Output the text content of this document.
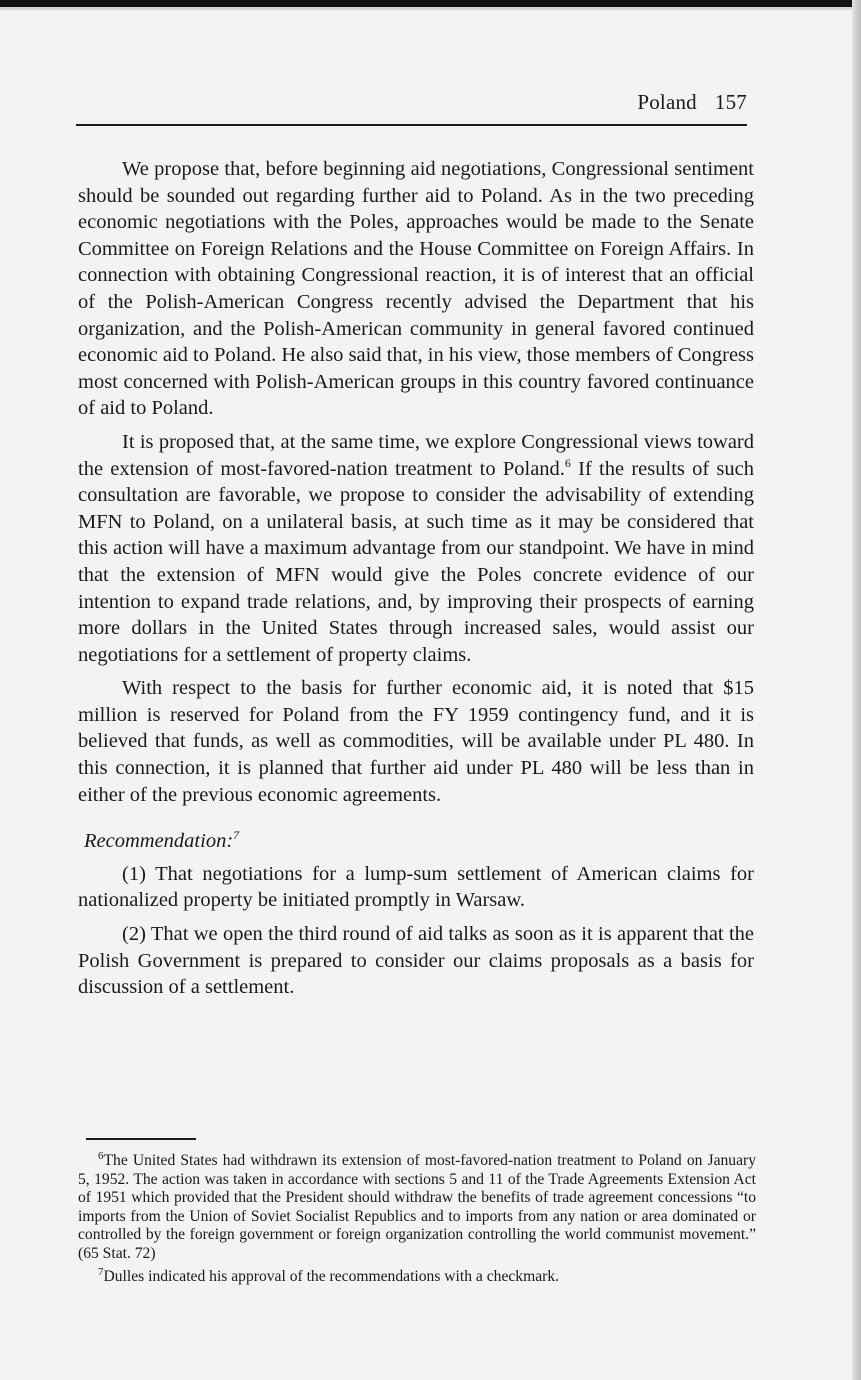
Poland 157

We propose that, before beginning aid negotiations, Congressional sentiment should be sounded out regarding further aid to Poland. As in the two preceding economic negotiations with the Poles, approaches would be made to the Senate Committee on Foreign Relations and the House Committee on Foreign Affairs. In connection with obtaining Congressional reaction, it is of interest that an official of the Polish-American Congress recently advised the Department that his organization, and the Polish-American community in general favored continued economic aid to Poland. He also said that, in his view, those members of Congress most concerned with Polish-American groups in this country favored continuance of aid to Poland.

It is proposed that, at the same time, we explore Congressional views toward the extension of most-favored-nation treatment to Poland.$^6$ If the results of such consultation are favorable, we propose to consider the advisability of extending MFN to Poland, on a unilateral basis, at such time as it may be considered that this action will have a maximum advantage from our standpoint. We have in mind that the extension of MFN would give the Poles concrete evidence of our intention to expand trade relations, and, by improving their prospects of earning more dollars in the United States through increased sales, would assist our negotiations for a settlement of property claims.

With respect to the basis for further economic aid, it is noted that $15 million is reserved for Poland from the FY 1959 contingency fund, and it is believed that funds, as well as commodities, will be available under PL 480. In this connection, it is planned that further aid under PL 480 will be less than in either of the previous economic agreements.

Recommendation:$^7$

(1) That negotiations for a lump-sum settlement of American claims for nationalized property be initiated promptly in Warsaw.

(2) That we open the third round of aid talks as soon as it is apparent that the Polish Government is prepared to consider our claims proposals as a basis for discussion of a settlement.

$^6$The United States had withdrawn its extension of most-favored-nation treatment to Poland on January 5, 1952. The action was taken in accordance with sections 5 and 11 of the Trade Agreements Extension Act of 1951 which provided that the President should withdraw the benefits of trade agreement concessions “to imports from the Union of Soviet Socialist Republics and to imports from any nation or area dominated or controlled by the foreign government or foreign organization controlling the world communist movement.” (65 Stat. 72)

$^7$Dulles indicated his approval of the recommendations with a checkmark.
